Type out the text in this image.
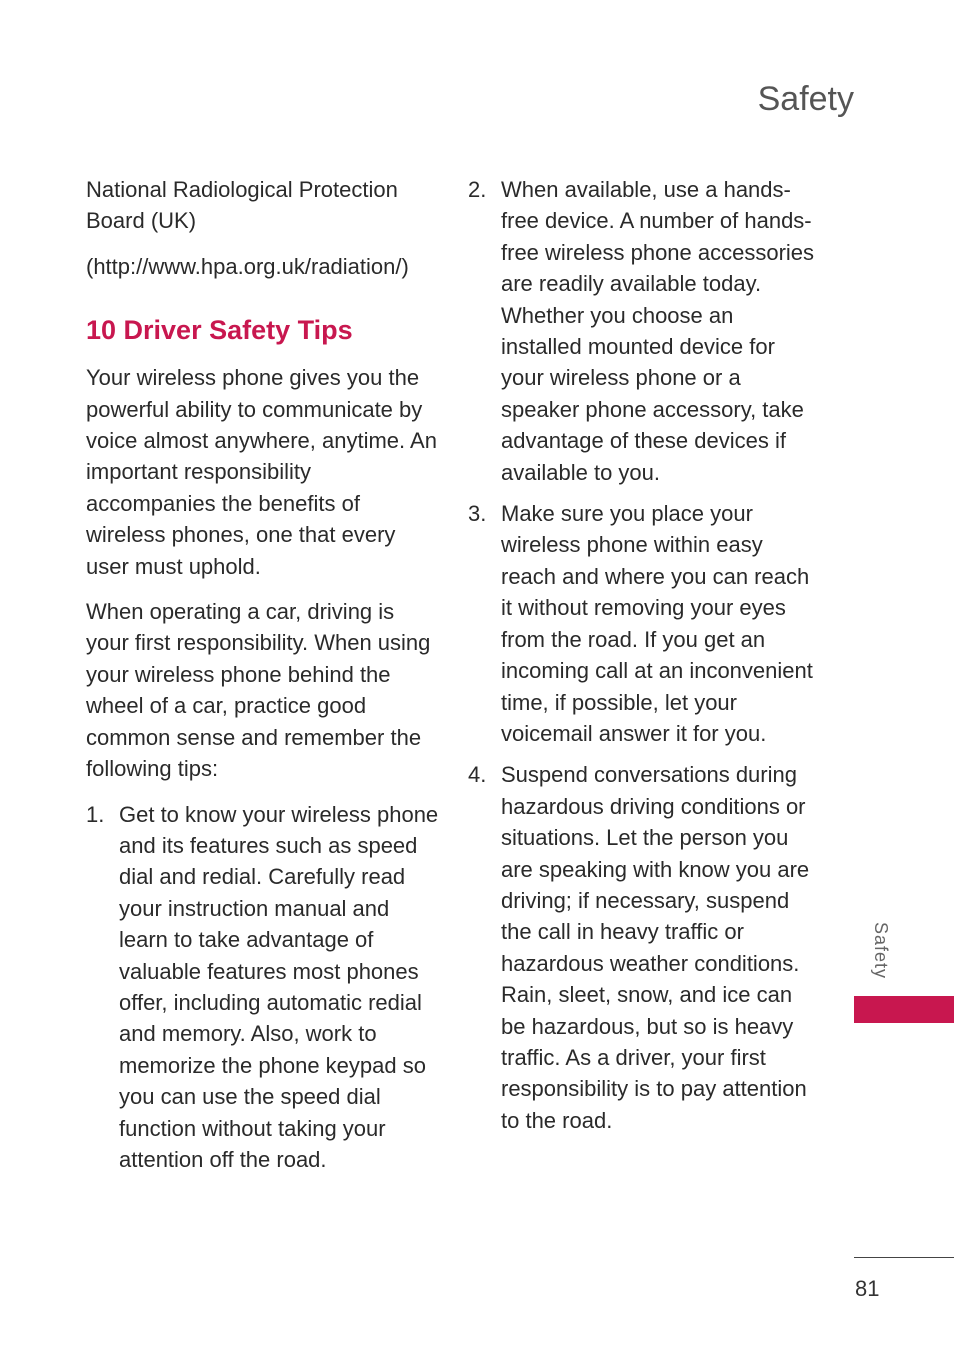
Safety

National Radiological Protection Board (UK)

(http://www.hpa.org.uk/radiation/)

10 Driver Safety Tips

Your wireless phone gives you the powerful ability to communicate by voice almost anywhere, anytime. An important responsibility accompanies the benefits of wireless phones, one that every user must uphold.

When operating a car, driving is your first responsibility. When using your wireless phone behind the wheel of a car, practice good common sense and remember the following tips:

1. Get to know your wireless phone and its features such as speed dial and redial. Carefully read your instruction manual and learn to take advantage of valuable features most phones offer, including automatic redial and memory. Also, work to memorize the phone keypad so you can use the speed dial function without taking your attention off the road.
2. When available, use a hands-free device. A number of hands-free wireless phone accessories are readily available today. Whether you choose an installed mounted device for your wireless phone or a speaker phone accessory, take advantage of these devices if available to you.
3. Make sure you place your wireless phone within easy reach and where you can reach it without removing your eyes from the road. If you get an incoming call at an inconvenient time, if possible, let your voicemail answer it for you.
4. Suspend conversations during hazardous driving conditions or situations. Let the person you are speaking with know you are driving; if necessary, suspend the call in heavy traffic or hazardous weather conditions. Rain, sleet, snow, and ice can be hazardous, but so is heavy traffic. As a driver, your first responsibility is to pay attention to the road.
Safety
81
